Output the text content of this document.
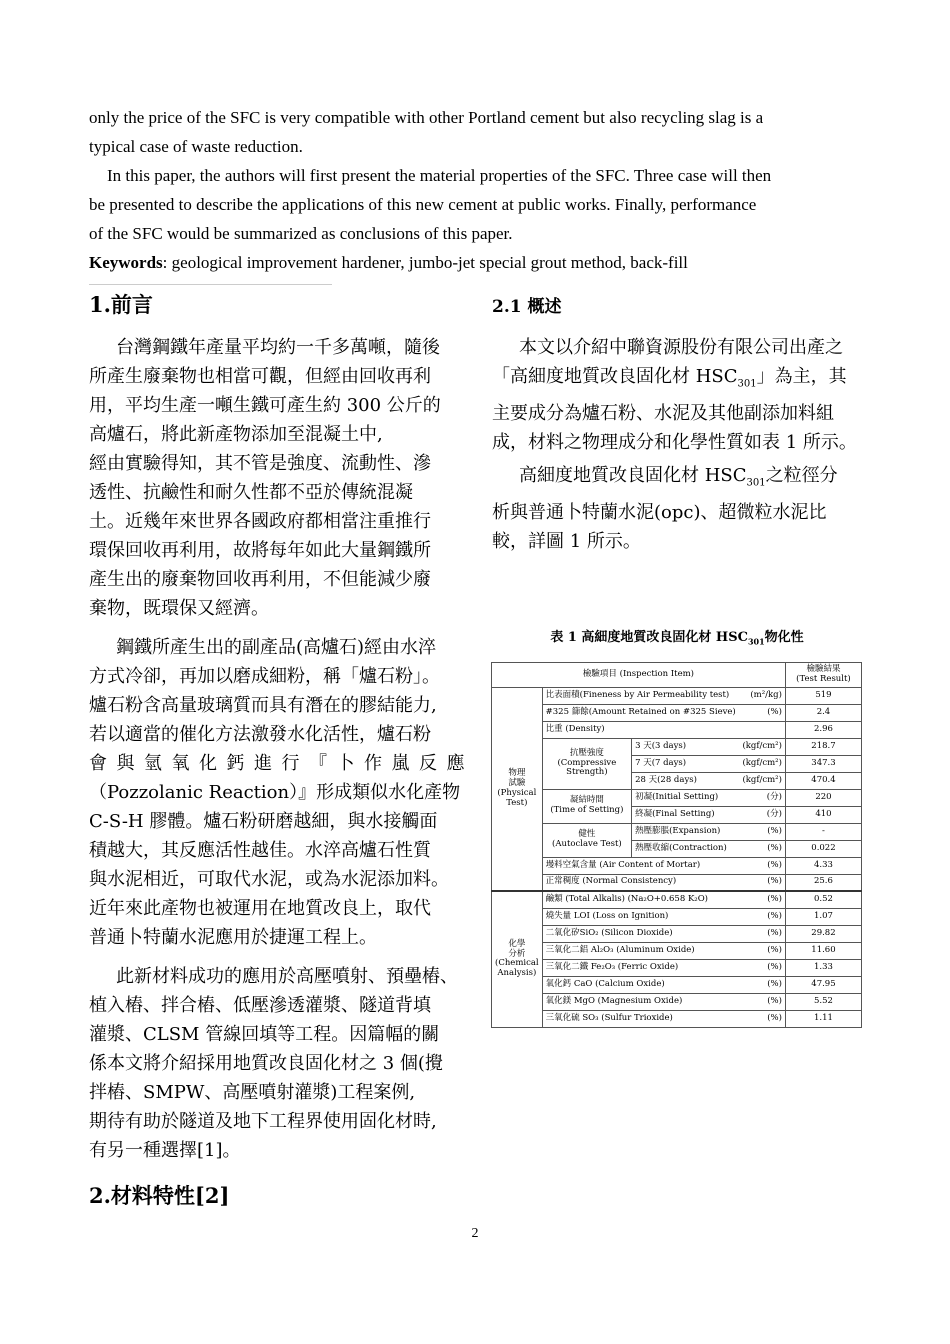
only the price of the SFC is very compatible with other Portland cement but also recycling slag is a
typical case of waste reduction.
In this paper, the authors will first present the material properties of the SFC. Three case will then
be presented to describe the applications of this new cement at public works. Finally, performance
of the SFC would be summarized as conclusions of this paper.
Keywords: geological improvement hardener, jumbo-jet special grout method, back-fill
1.前言
台灣鋼鐵年產量平均約一千多萬噸，隨後
所產生廢棄物也相當可觀，但經由回收再利
用，平均生產一噸生鐵可產生約 300 公斤的
高爐石，將此新產物添加至混凝土中,
經由實驗得知，其不管是強度、流動性、滲
透性、抗鹼性和耐久性都不亞於傳統混凝
土。近幾年來世界各國政府都相當注重推行
環保回收再利用，故將每年如此大量鋼鐵所
產生出的廢棄物回收再利用，不但能減少廢
棄物，既環保又經濟。
鋼鐵所產生出的副產品(高爐石)經由水淬
方式冷卻，再加以磨成細粉，稱「爐石粉」。
爐石粉含高量玻璃質而具有潛在的膠結能力,
若以適當的催化方法激發水化活性，爐石粉
會與氫氧化鈣進行『卜作嵐反應
（Pozzolanic Reaction）』形成類似水化產物
C-S-H 膠體。爐石粉研磨越細，與水接觸面
積越大，其反應活性越佳。水淬高爐石性質
與水泥相近，可取代水泥，或為水泥添加料。
近年來此產物也被運用在地質改良上，取代
普通卜特蘭水泥應用於捷運工程上。
此新材料成功的應用於高壓噴射、預壘樁、
植入樁、拌合樁、低壓滲透灌漿、隧道背填
灌漿、CLSM 管線回填等工程。因篇幅的關
係本文將介紹採用地質改良固化材之 3 個(攪
拌樁、SMPW、高壓噴射灌漿)工程案例,
期待有助於隧道及地下工程界使用固化材時,
有另一種選擇[1]。
2.材料特性[2]
2.1 概述
本文以介紹中聯資源股份有限公司出產之
「高細度地質改良固化材 $HSC_{301}$」為主，其
主要成分為爐石粉、水泥及其他副添加料組
成，材料之物理成分和化學性質如表 1 所示。
高細度地質改良固化材 $HSC_{301}$之粒徑分
析與普通卜特蘭水泥(opc)、超微粒水泥比
較，詳圖 1 所示。
表 1 高細度地質改良固化材 $HSC_{301}$物化性
檢驗項目 (Inspection Item)			檢驗結果
(Test Result)
物理
試驗
(Physical
Test)	比表面積(Fineness by Air Permeability test) (m²/kg)		519
	#325 篩餘(Amount Retained on #325 Sieve) (%)		2.4
	比重 (Density)		2.96
	抗壓強度
(Compressive
Strength)	3 天(3 days) (kgf/cm²)	218.7
		7 天(7 days) (kgf/cm²)	347.3
		28 天(28 days) (kgf/cm²)	470.4
	凝結時間
(Time of Setting)	初凝(Initial Setting) (分)	220
		終凝(Final Setting) (分)	410
	健性
(Autoclave Test)	熱壓膨脹(Expansion) (%)	-
		熱壓收縮(Contraction) (%)	0.022
	墁料空氣含量 (Air Content of Mortar) (%)		4.33
	正常稠度 (Normal Consistency) (%)		25.6
化學
分析
(Chemical
Analysis)	鹼類 (Total Alkalis) (Na₂O+0.658 K₂O) (%)		0.52
	燒失量 LOI (Loss on Ignition) (%)		1.07
	二氧化矽SiO₂ (Silicon Dioxide) (%)		29.82
	三氧化二鋁 Al₂O₃ (Aluminum Oxide) (%)		11.60
	三氧化二鐵 Fe₂O₃ (Ferric Oxide) (%)		1.33
	氧化鈣 CaO (Calcium Oxide) (%)		47.95
	氧化鎂 MgO (Magnesium Oxide) (%)		5.52
	三氧化硫 SO₃ (Sulfur Trioxide) (%)		1.11
2
